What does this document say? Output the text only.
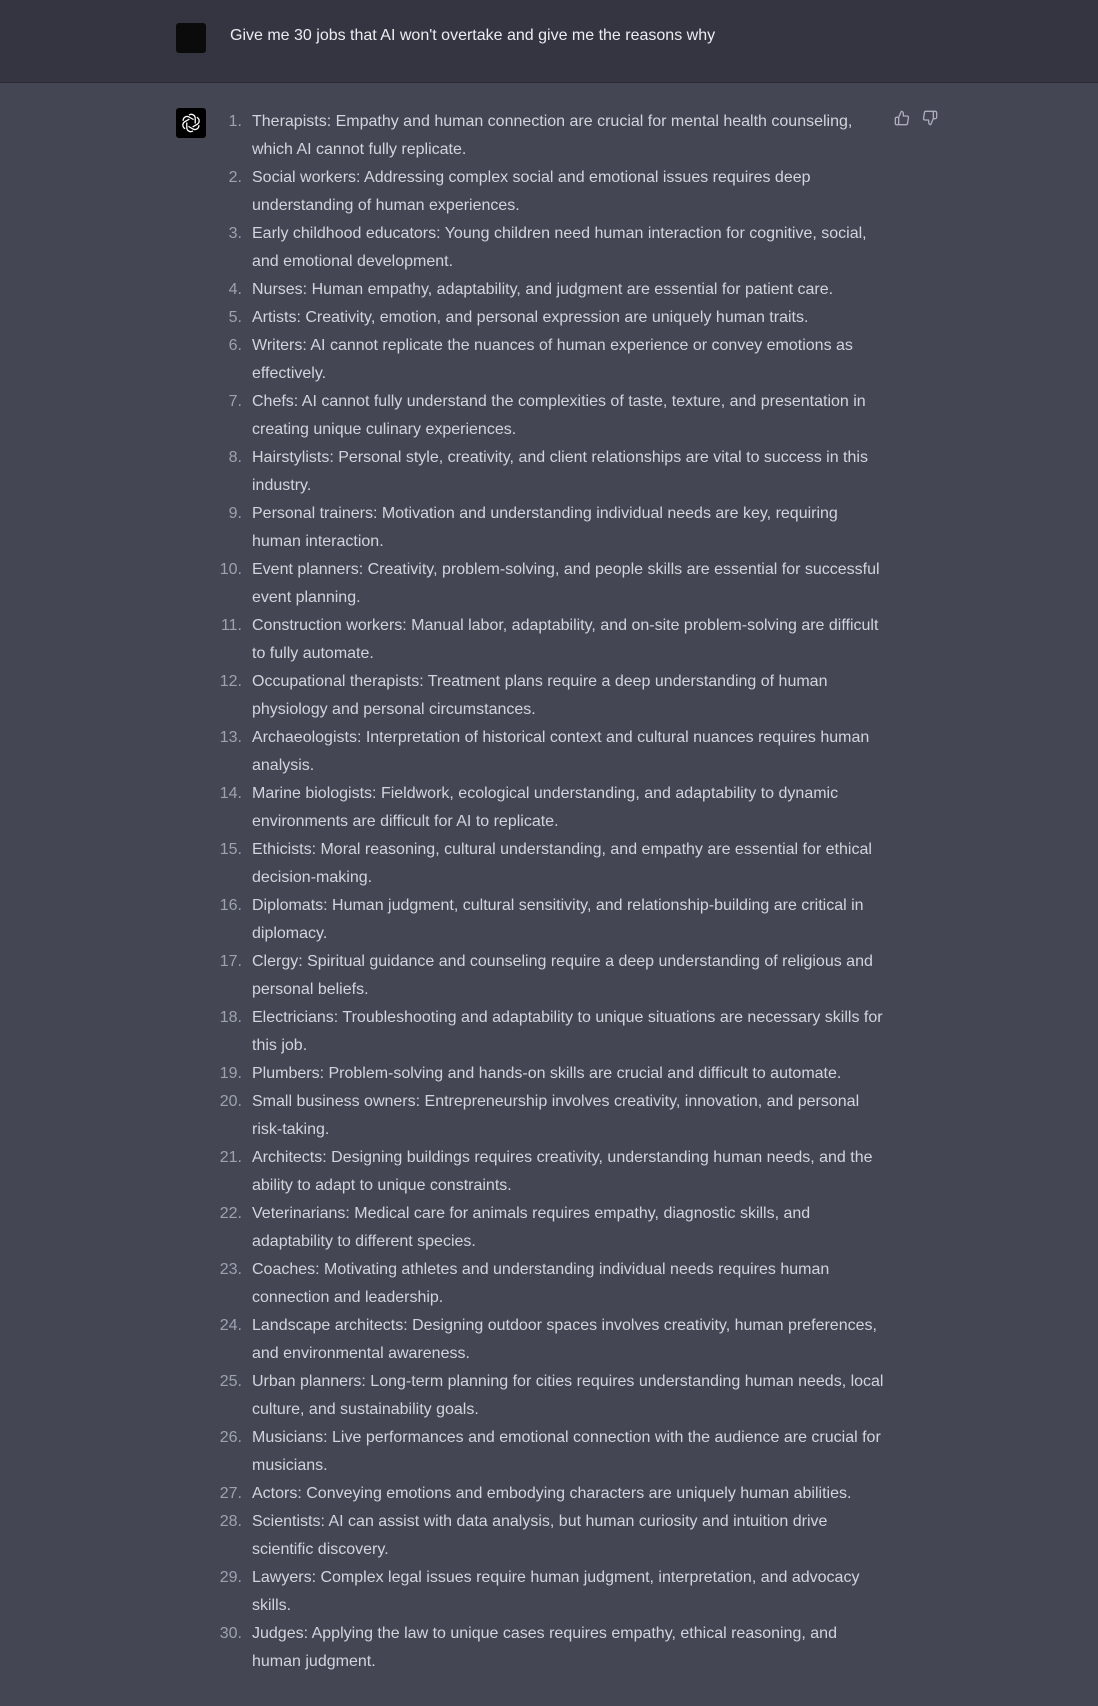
Give me 30 jobs that AI won't overtake and give me the reasons why
1. Therapists: Empathy and human connection are crucial for mental health counseling, which AI cannot fully replicate.
2. Social workers: Addressing complex social and emotional issues requires deep understanding of human experiences.
3. Early childhood educators: Young children need human interaction for cognitive, social, and emotional development.
4. Nurses: Human empathy, adaptability, and judgment are essential for patient care.
5. Artists: Creativity, emotion, and personal expression are uniquely human traits.
6. Writers: AI cannot replicate the nuances of human experience or convey emotions as effectively.
7. Chefs: AI cannot fully understand the complexities of taste, texture, and presentation in creating unique culinary experiences.
8. Hairstylists: Personal style, creativity, and client relationships are vital to success in this industry.
9. Personal trainers: Motivation and understanding individual needs are key, requiring human interaction.
10. Event planners: Creativity, problem-solving, and people skills are essential for successful event planning.
11. Construction workers: Manual labor, adaptability, and on-site problem-solving are difficult to fully automate.
12. Occupational therapists: Treatment plans require a deep understanding of human physiology and personal circumstances.
13. Archaeologists: Interpretation of historical context and cultural nuances requires human analysis.
14. Marine biologists: Fieldwork, ecological understanding, and adaptability to dynamic environments are difficult for AI to replicate.
15. Ethicists: Moral reasoning, cultural understanding, and empathy are essential for ethical decision-making.
16. Diplomats: Human judgment, cultural sensitivity, and relationship-building are critical in diplomacy.
17. Clergy: Spiritual guidance and counseling require a deep understanding of religious and personal beliefs.
18. Electricians: Troubleshooting and adaptability to unique situations are necessary skills for this job.
19. Plumbers: Problem-solving and hands-on skills are crucial and difficult to automate.
20. Small business owners: Entrepreneurship involves creativity, innovation, and personal risk-taking.
21. Architects: Designing buildings requires creativity, understanding human needs, and the ability to adapt to unique constraints.
22. Veterinarians: Medical care for animals requires empathy, diagnostic skills, and adaptability to different species.
23. Coaches: Motivating athletes and understanding individual needs requires human connection and leadership.
24. Landscape architects: Designing outdoor spaces involves creativity, human preferences, and environmental awareness.
25. Urban planners: Long-term planning for cities requires understanding human needs, local culture, and sustainability goals.
26. Musicians: Live performances and emotional connection with the audience are crucial for musicians.
27. Actors: Conveying emotions and embodying characters are uniquely human abilities.
28. Scientists: AI can assist with data analysis, but human curiosity and intuition drive scientific discovery.
29. Lawyers: Complex legal issues require human judgment, interpretation, and advocacy skills.
30. Judges: Applying the law to unique cases requires empathy, ethical reasoning, and human judgment.
